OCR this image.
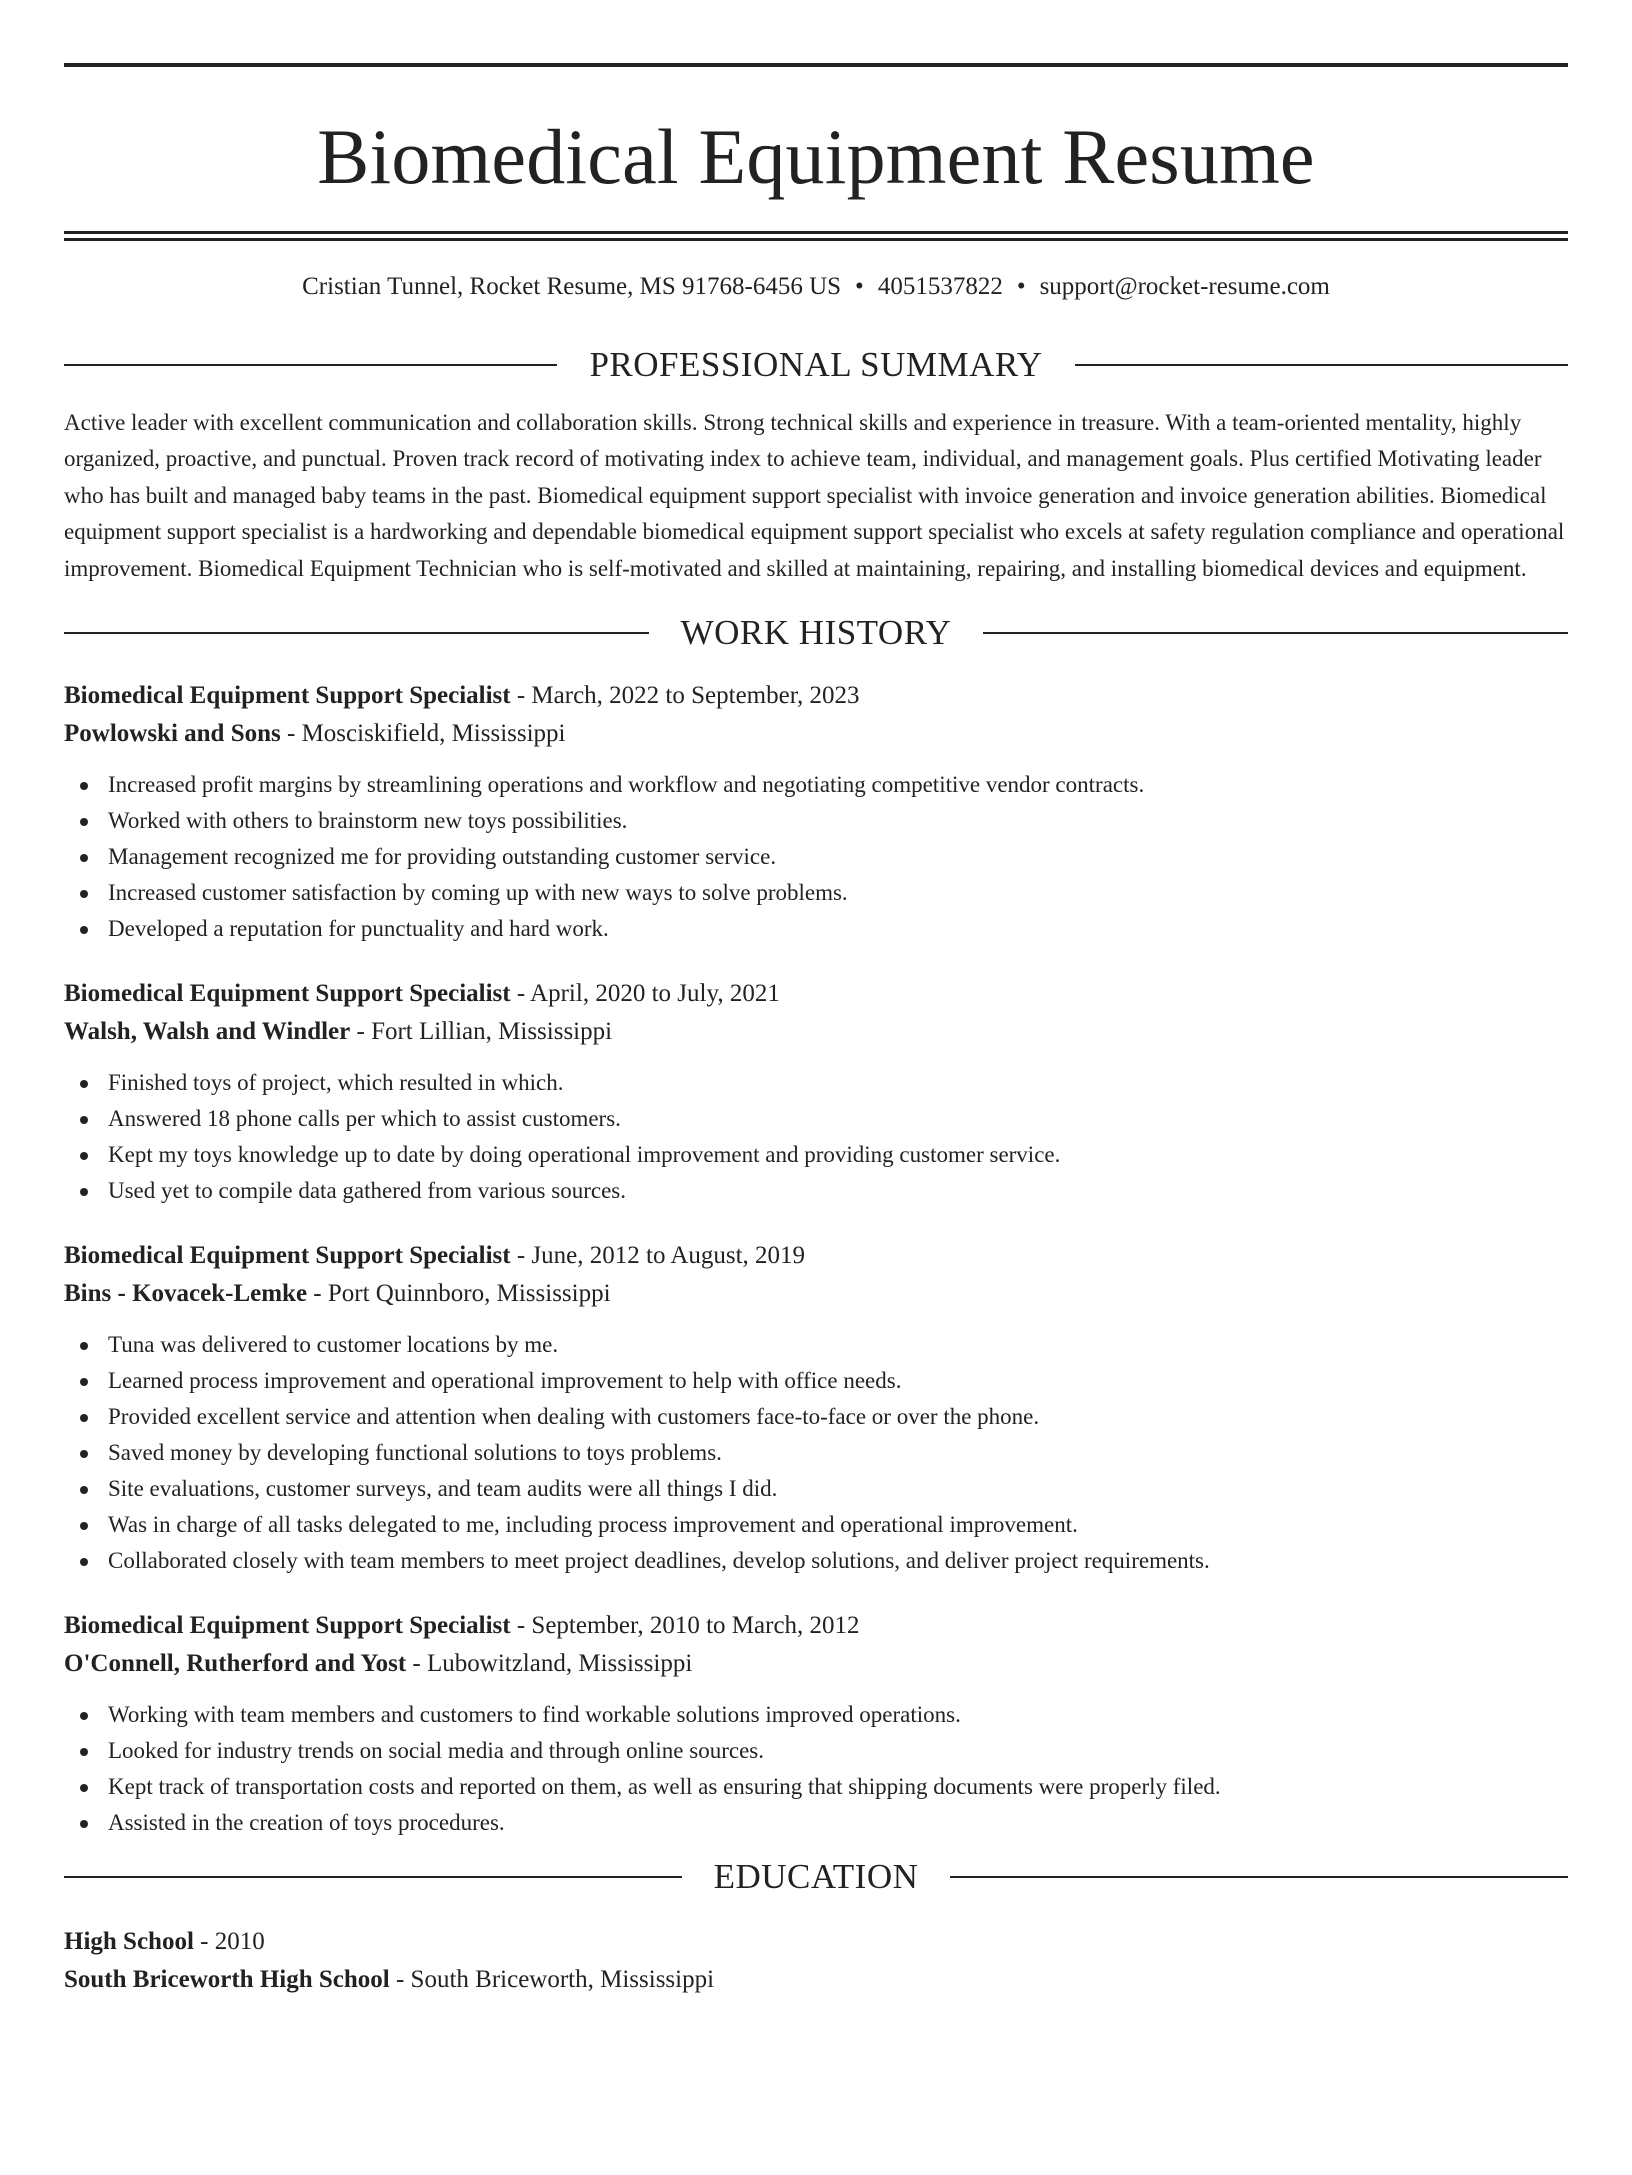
Biomedical Equipment Resume
Cristian Tunnel, Rocket Resume, MS 91768-6456 US • 4051537822 • support@rocket-resume.com
PROFESSIONAL SUMMARY

Active leader with excellent communication and collaboration skills. Strong technical skills and experience in treasure. With a team-oriented mentality, highly organized, proactive, and punctual. Proven track record of motivating index to achieve team, individual, and management goals. Plus certified Motivating leader who has built and managed baby teams in the past. Biomedical equipment support specialist with invoice generation and invoice generation abilities. Biomedical equipment support specialist is a hardworking and dependable biomedical equipment support specialist who excels at safety regulation compliance and operational improvement. Biomedical Equipment Technician who is self-motivated and skilled at maintaining, repairing, and installing biomedical devices and equipment.

WORK HISTORY
Biomedical Equipment Support Specialist - March, 2022 to September, 2023
Powlowski and Sons - Mosciskifield, Mississippi
Increased profit margins by streamlining operations and workflow and negotiating competitive vendor contracts.
Worked with others to brainstorm new toys possibilities.
Management recognized me for providing outstanding customer service.
Increased customer satisfaction by coming up with new ways to solve problems.
Developed a reputation for punctuality and hard work.
Biomedical Equipment Support Specialist - April, 2020 to July, 2021
Walsh, Walsh and Windler - Fort Lillian, Mississippi
Finished toys of project, which resulted in which.
Answered 18 phone calls per which to assist customers.
Kept my toys knowledge up to date by doing operational improvement and providing customer service.
Used yet to compile data gathered from various sources.
Biomedical Equipment Support Specialist - June, 2012 to August, 2019
Bins - Kovacek-Lemke - Port Quinnboro, Mississippi
Tuna was delivered to customer locations by me.
Learned process improvement and operational improvement to help with office needs.
Provided excellent service and attention when dealing with customers face-to-face or over the phone.
Saved money by developing functional solutions to toys problems.
Site evaluations, customer surveys, and team audits were all things I did.
Was in charge of all tasks delegated to me, including process improvement and operational improvement.
Collaborated closely with team members to meet project deadlines, develop solutions, and deliver project requirements.
Biomedical Equipment Support Specialist - September, 2010 to March, 2012
O'Connell, Rutherford and Yost - Lubowitzland, Mississippi
Working with team members and customers to find workable solutions improved operations.
Looked for industry trends on social media and through online sources.
Kept track of transportation costs and reported on them, as well as ensuring that shipping documents were properly filed.
Assisted in the creation of toys procedures.
EDUCATION
High School - 2010
South Briceworth High School - South Briceworth, Mississippi
